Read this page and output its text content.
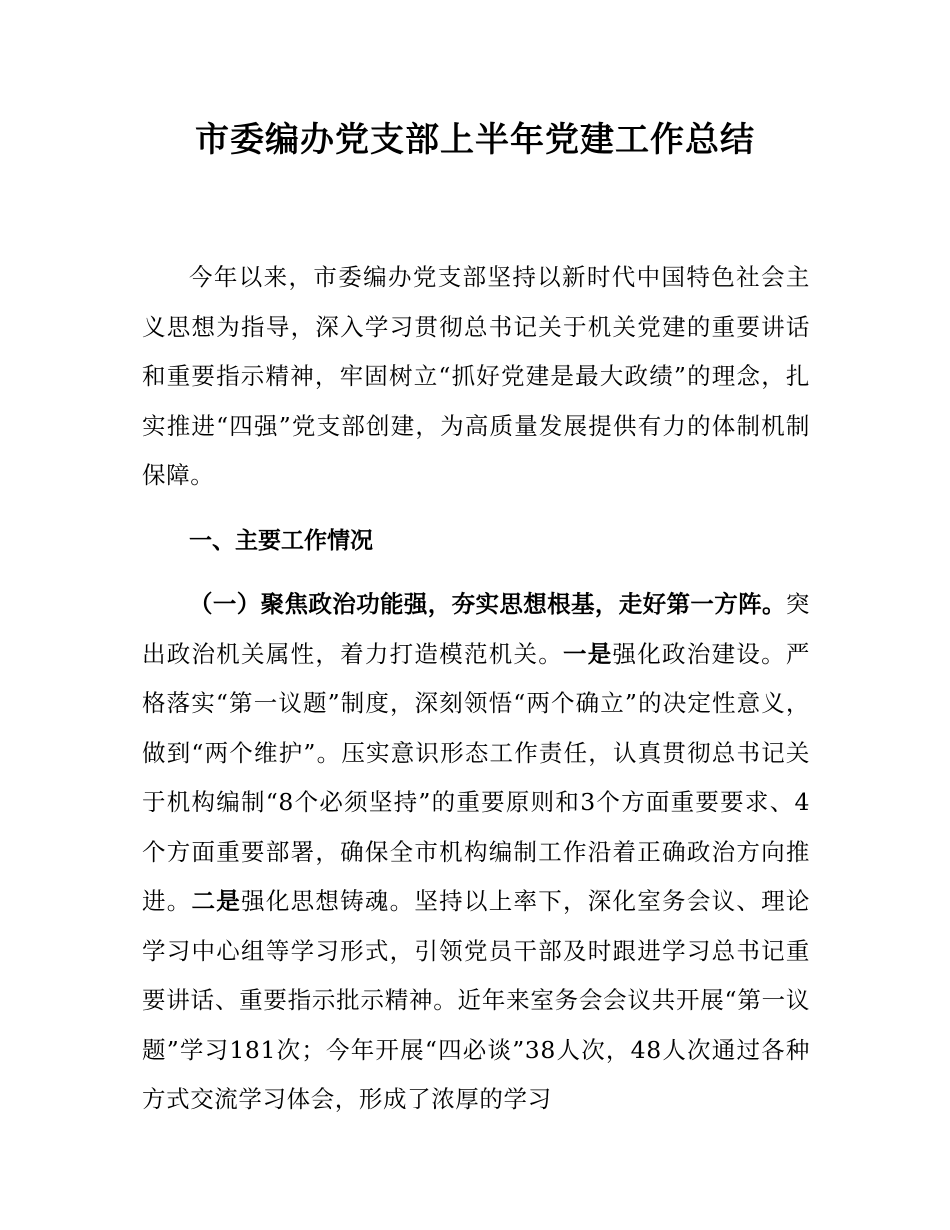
市委编办党支部上半年党建工作总结

今年以来，市委编办党支部坚持以新时代中国特色社会主义思想为指导，深入学习贯彻总书记关于机关党建的重要讲话和重要指示精神，牢固树立“抓好党建是最大政绩”的理念，扎实推进“四强”党支部创建，为高质量发展提供有力的体制机制保障。

一、主要工作情况

（一）聚焦政治功能强，夯实思想根基，走好第一方阵。突出政治机关属性，着力打造模范机关。一是强化政治建设。严格落实“第一议题”制度，深刻领悟“两个确立”的决定性意义，做到“两个维护”。压实意识形态工作责任，认真贯彻总书记关于机构编制“8个必须坚持”的重要原则和3个方面重要要求、4个方面重要部署，确保全市机构编制工作沿着正确政治方向推进。二是强化思想铸魂。坚持以上率下，深化室务会议、理论学习中心组等学习形式，引领党员干部及时跟进学习总书记重要讲话、重要指示批示精神。近年来室务会会议共开展“第一议题”学习181次；今年开展“四必谈”38人次，48人次通过各种方式交流学习体会，形成了浓厚的学习
